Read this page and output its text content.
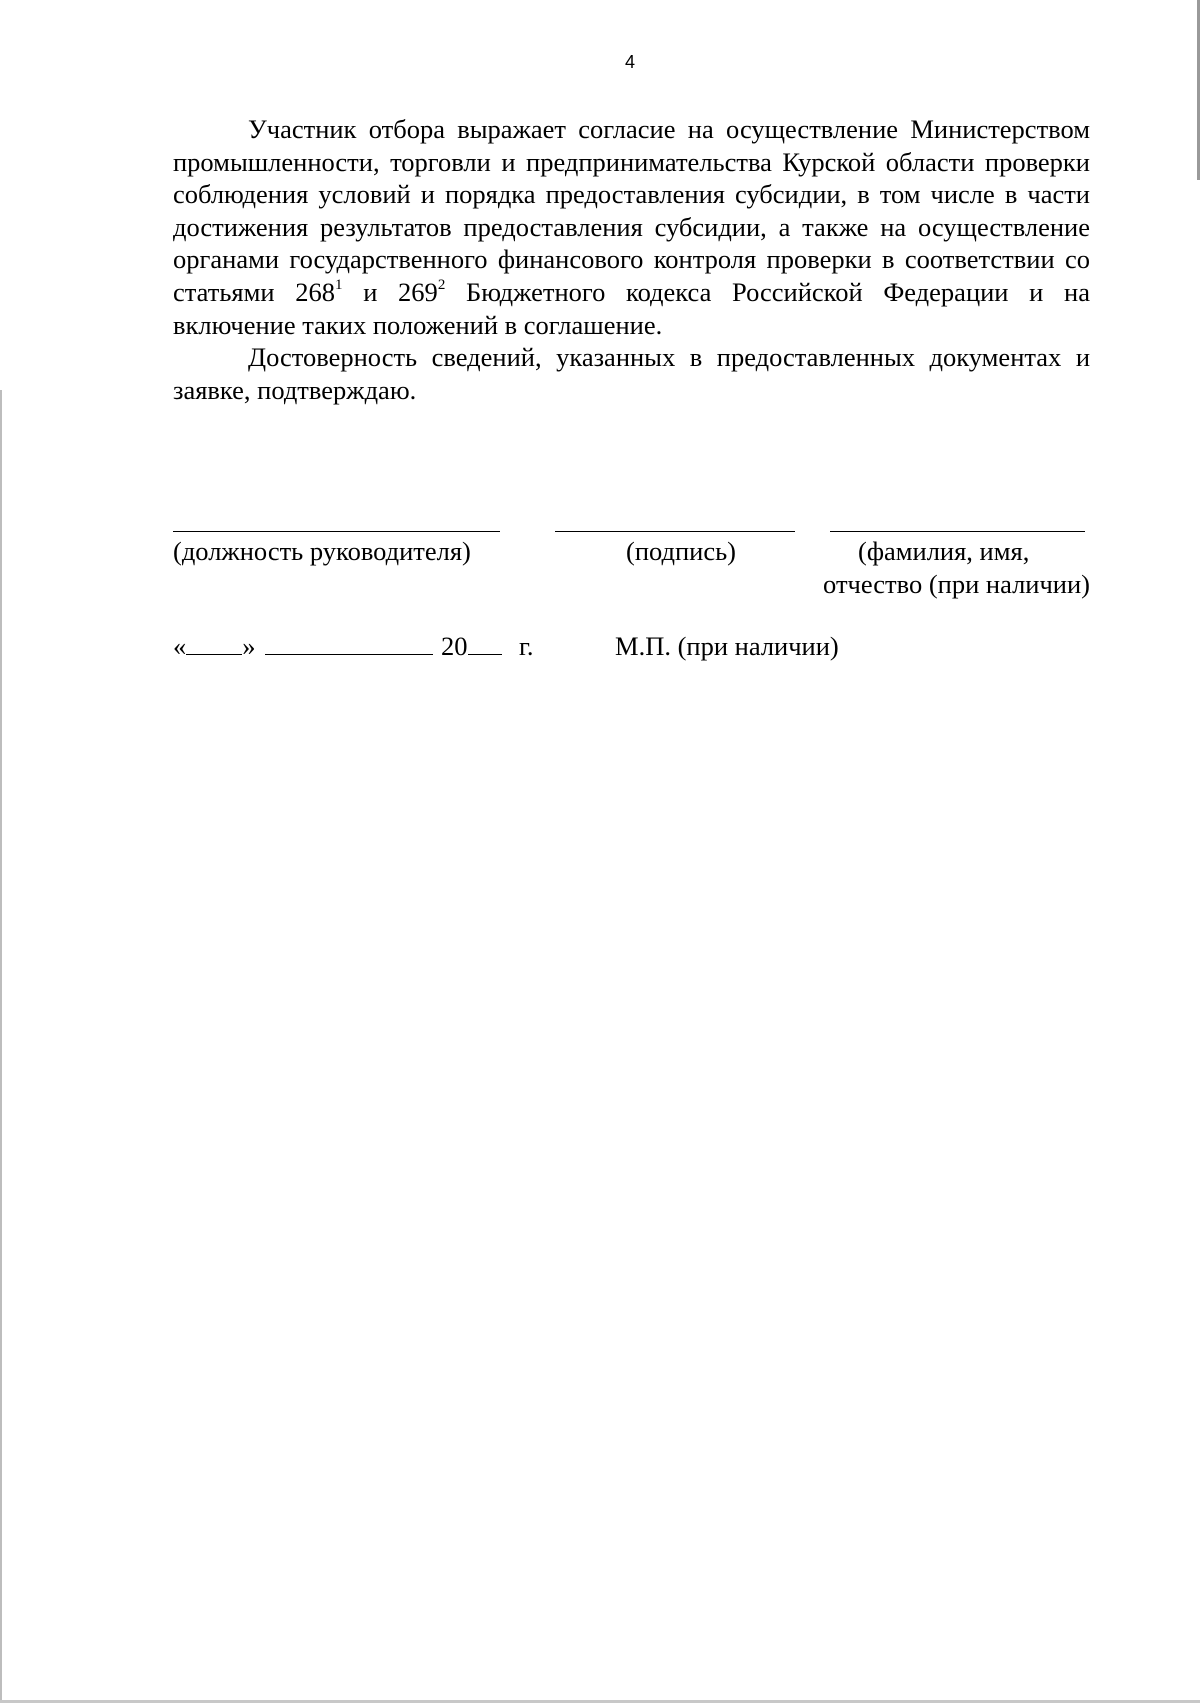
4

Участник отбора выражает согласие на осуществление Министерством промышленности, торговли и предпринимательства Курской области проверки соблюдения условий и порядка предоставления субсидии, в том числе в части достижения результатов предоставления субсидии, а также на осуществление органами государственного финансового контроля проверки в соответствии со статьями $268^1$ и $269^2$ Бюджетного кодекса Российской Федерации и на включение таких положений в соглашение.

Достоверность сведений, указанных в предоставленных документах и заявке, подтверждаю.

(должность руководителя)	(подпись)	(фамилия, имя,
отчество (при наличии)
« »	20	г.	М.П. (при наличии)
